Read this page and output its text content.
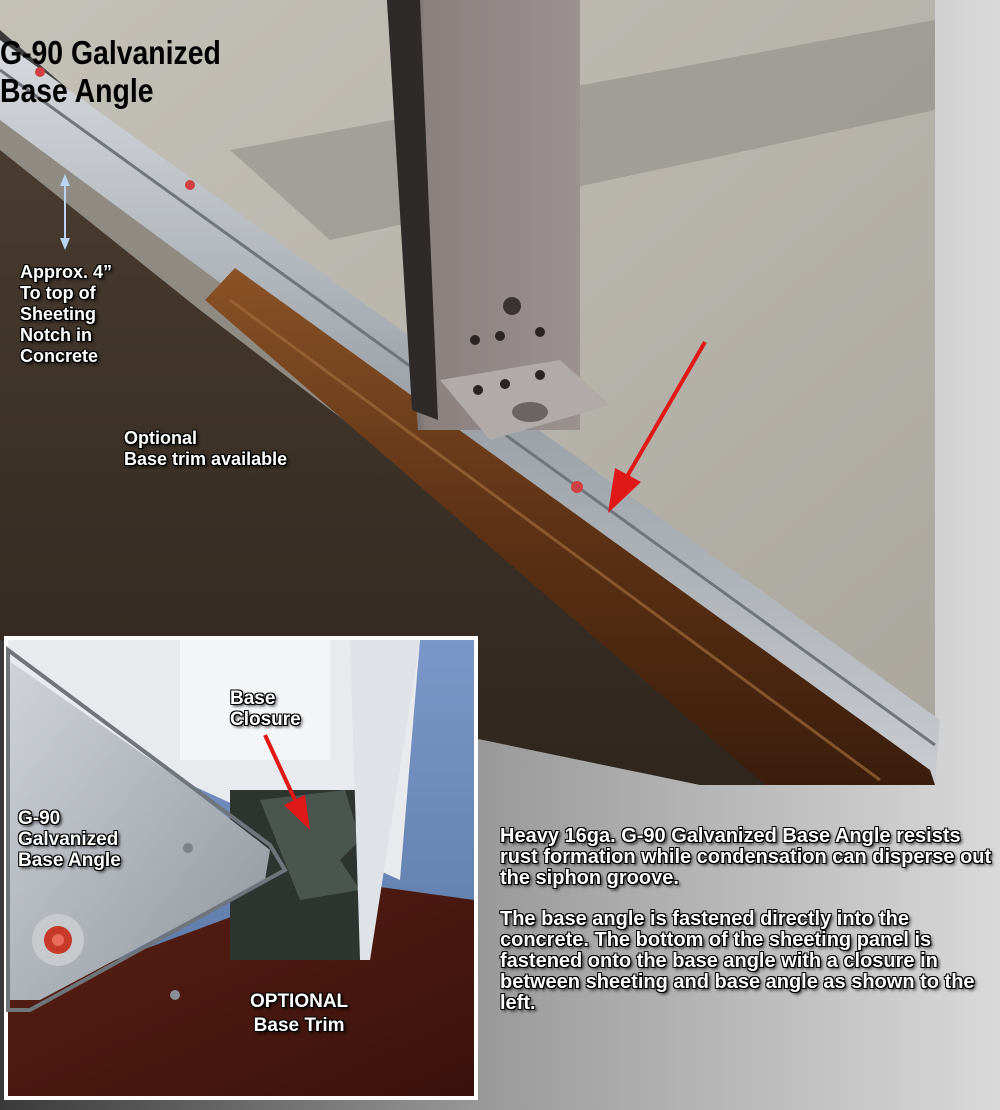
G-90 Galvanized
Base Angle
Approx. 4”
To top of
Sheeting
Notch in
Concrete
Optional
Base trim available
Base
Closure
G-90
Galvanized
Base Angle
OPTIONAL
Base Trim

Heavy 16ga. G-90 Galvanized Base Angle resists rust formation while condensation can disperse out the siphon groove.

The base angle is fastened directly into the concrete. The bottom of the sheeting panel is fastened onto the base angle with a closure in between sheeting and base angle as shown to the left.
